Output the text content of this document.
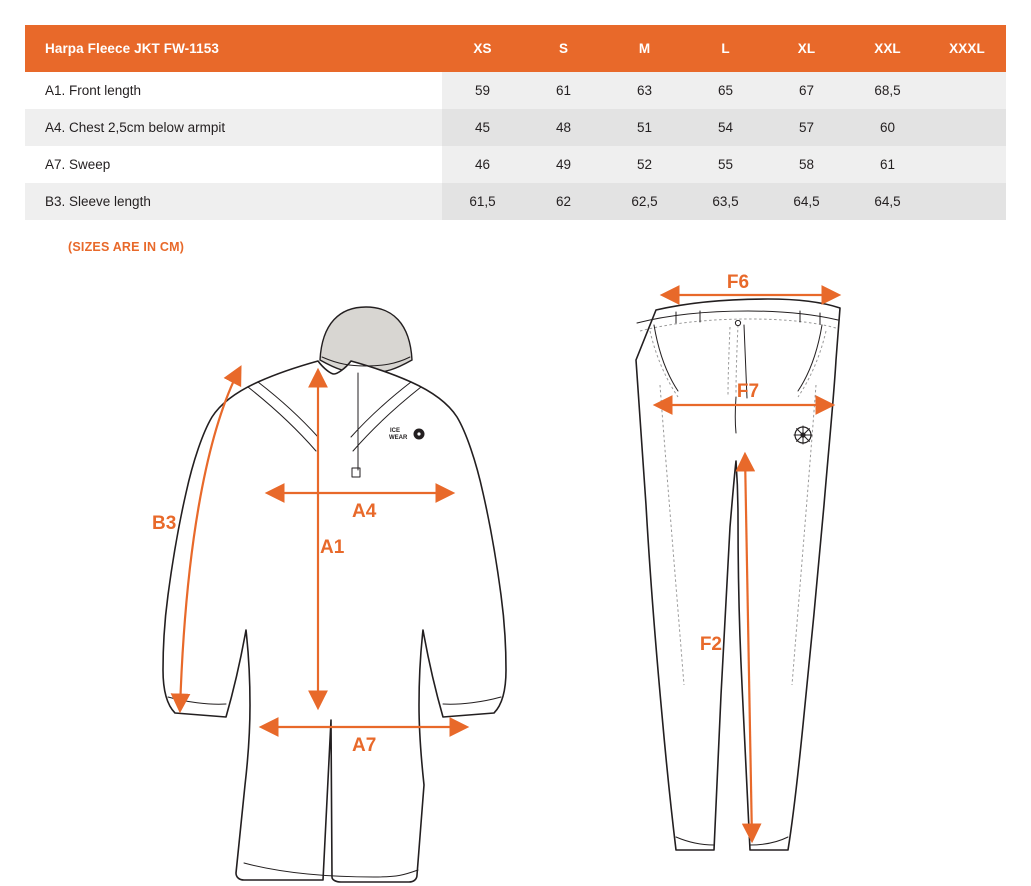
Harpa Fleece JKT FW-1153		XS	S	M	L	XL	XXL	XXXL
A1. Front length		59	61	63	65	67	68,5	
A4. Chest 2,5cm below armpit		45	48	51	54	57	60	
A7. Sweep		46	49	52	55	58	61	
B3. Sleeve length		61,5	62	62,5	63,5	64,5	64,5	
(SIZES ARE IN CM)
ICE
WEAR
B3
A4
A1
A7
F6
F7
F2
